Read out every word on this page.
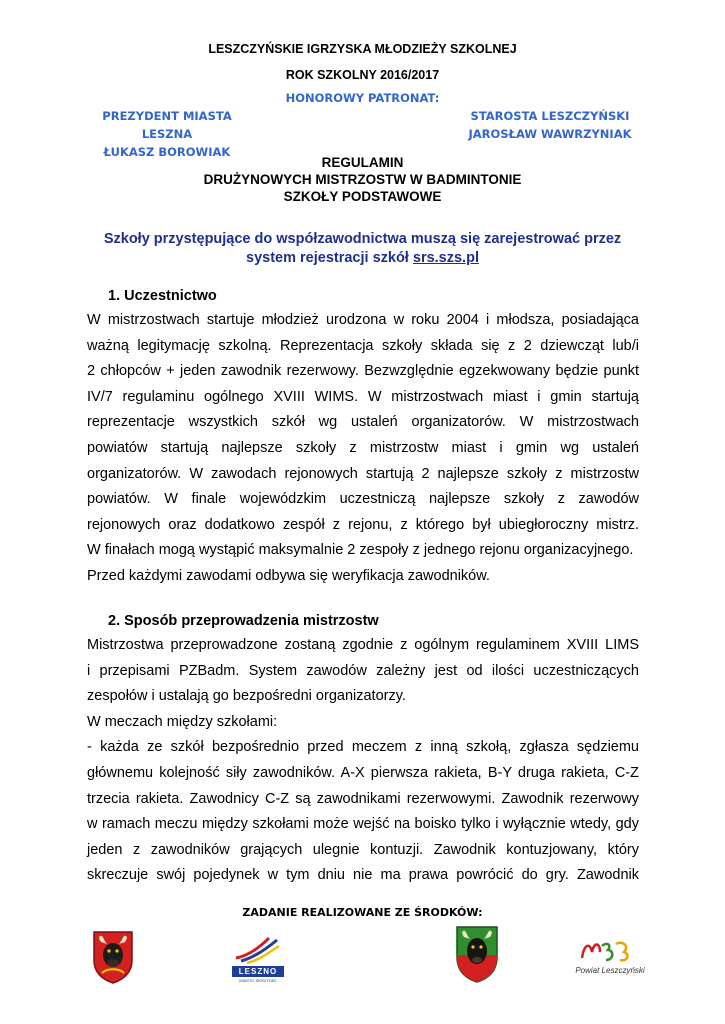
LESZCZYŃSKIE IGRZYSKA MŁODZIEŻY SZKOLNEJ
ROK SZKOLNY 2016/2017
HONOROWY PATRONAT:
PREZYDENT MIASTA LESZNA
ŁUKASZ BOROWIAK
STAROSTA LESZCZYŃSKI
JAROSŁAW WAWRZYNIAK
REGULAMIN
DRUŻYNOWYCH MISTRZOSTW W BADMINTONIE
SZKOŁY PODSTAWOWE
Szkoły przystępujące do współzawodnictwa muszą się zarejestrować przez
system rejestracji szkół srs.szs.pl
1. Uczestnictwo
W mistrzostwach startuje młodzież urodzona w roku 2004 i młodsza, posiadająca
ważną legitymację szkolną. Reprezentacja szkoły składa się z 2 dziewcząt lub/i
2 chłopców + jeden zawodnik rezerwowy. Bezwzględnie egzekwowany będzie punkt
IV/7 regulaminu ogólnego XVIII WIMS. W mistrzostwach miast i gmin startują
reprezentacje wszystkich szkół wg ustaleń organizatorów. W mistrzostwach
powiatów startują najlepsze szkoły z mistrzostw miast i gmin wg ustaleń
organizatorów. W zawodach rejonowych startują 2 najlepsze szkoły z mistrzostw
powiatów. W finale wojewódzkim uczestniczą najlepsze szkoły z zawodów
rejonowych oraz dodatkowo zespół z rejonu, z którego był ubiegłoroczny mistrz.
W finałach mogą wystąpić maksymalnie 2 zespoły z jednego rejonu organizacyjnego.
Przed każdymi zawodami odbywa się weryfikacja zawodników.
2. Sposób przeprowadzenia mistrzostw
Mistrzostwa przeprowadzone zostaną zgodnie z ogólnym regulaminem XVIII LIMS
i przepisami PZBadm. System zawodów zależny jest od ilości uczestniczących
zespołów i ustalają go bezpośredni organizatorzy.
W meczach między szkołami:
- każda ze szkół bezpośrednio przed meczem z inną szkołą, zgłasza sędziemu
głównemu kolejność siły zawodników. A-X pierwsza rakieta, B-Y druga rakieta, C-Z
trzecia rakieta. Zawodnicy C-Z są zawodnikami rezerwowymi. Zawodnik rezerwowy
w ramach meczu między szkołami może wejść na boisko tylko i wyłącznie wtedy, gdy
jeden z zawodników grających ulegnie kontuzji. Zawodnik kontuzjowany, który
skreczuje swój pojedynek w tym dniu nie ma prawa powrócić do gry. Zawodnik
ZADANIE REALIZOWANE ZE ŚRODKÓW:
LESZNO
MIASTO SKRZYDEŁ
Powiat Leszczyński
